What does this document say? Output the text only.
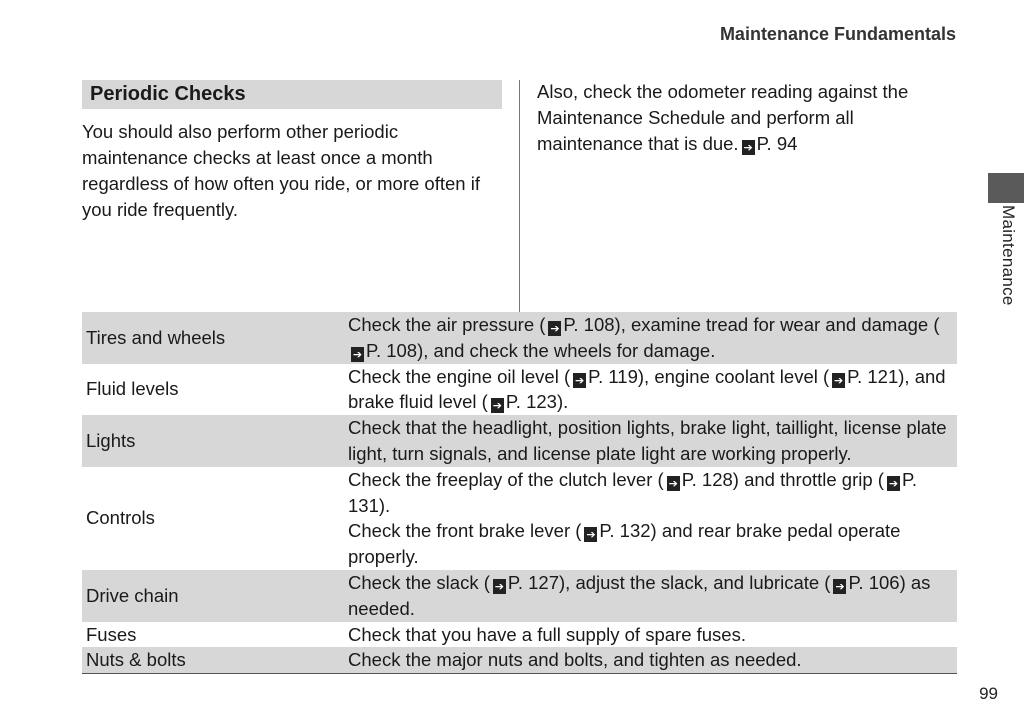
Maintenance Fundamentals
Maintenance
Periodic Checks
You should also perform other periodic maintenance checks at least once a month regardless of how often you ride, or more often if you ride frequently.
Also, check the odometer reading against the Maintenance Schedule and perform all maintenance that is due. ➔ P. 94
Tires and wheels	Check the air pressure ( ➔ P. 108), examine tread for wear and damage (➔ P. 108), and check the wheels for damage.
Fluid levels	Check the engine oil level ( ➔ P. 119), engine coolant level ( ➔ P. 121), and brake fluid level ( ➔ P. 123).
Lights	Check that the headlight, position lights, brake light, taillight, license plate light, turn signals, and license plate light are working properly.
Controls	Check the freeplay of the clutch lever ( ➔ P. 128) and throttle grip ( ➔ P. 131).
Check the front brake lever ( ➔ P. 132) and rear brake pedal operate properly.
Drive chain	Check the slack ( ➔ P. 127), adjust the slack, and lubricate ( ➔ P. 106) as needed.
Fuses	Check that you have a full supply of spare fuses.
Nuts & bolts	Check the major nuts and bolts, and tighten as needed.
99
